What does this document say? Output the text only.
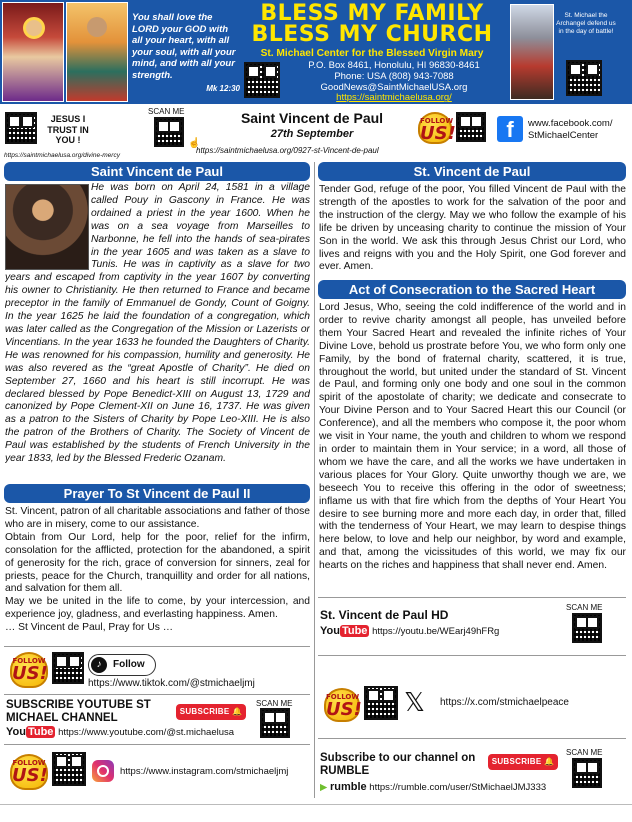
You shall love the LORD your GOD with all your heart, with all your soul, with all your mind, and with all your strength.
Mk 12:30
BLESS MY FAMILY
BLESS MY CHURCH
St. Michael Center for the Blessed Virgin Mary
P.O. Box 8461, Honolulu, HI 96830-8461
Phone: USA (808) 943-7088
GoodNews@SaintMichaelUSA.org
https://saintmichaelusa.org/
St. Michael the Archangel defend us in the day of battle!
JESUS I TRUST IN YOU !
https://saintmichaelusa.org/divine-mercy
SCAN ME
☝
Saint Vincent de Paul
27th September
https://saintmichaelusa.org/0927-st-Vincent-de-paul
FOLLOW
US!	f	www.facebook.com/
StMichaelCenter
Saint Vincent de Paul
He was born on April 24, 1581 in a village called Pouy in Gascony in France. He was ordained a priest in the year 1600. When he was on a sea voyage from Marseilles to Narbonne, he fell into the hands of sea-pirates in the year 1605 and was taken as a slave to Tunis. He was in captivity as a slave for two years and escaped from captivity in the year 1607 by converting his owner to Christianity. He then returned to France and became preceptor in the family of Emmanuel de Gondy, Count of Goigny. In the year 1625 he laid the foundation of a congregation, which was later called as the Congregation of the Mission or Lazerists or Vincentians. In the year 1633 he founded the Daughters of Charity. He was renowned for his compassion, humility and generosity. He was also revered as the “great Apostle of Charity”. He died on September 27, 1660 and his heart is still incorrupt. He was declared blessed by Pope Benedict-XIII on August 13, 1729 and canonized by Pope Clement-XII on June 16, 1737. He was given as a patron to the Sisters of Charity by Pope Leo-XIII. He is also the patron of the Brothers of Charity. The Society of Vincent de Paul was established by the students of French University in the year 1833, led by the Blessed Frederic Ozanam.
Prayer To St Vincent de Paul II
St. Vincent, patron of all charitable associations and father of those who are in misery, come to our assistance.
Obtain from Our Lord, help for the poor, relief for the infirm, consolation for the afflicted, protection for the abandoned, a spirit of generosity for the rich, grace of conversion for sinners, zeal for priests, peace for the Church, tranquillity and order for all nations, and salvation for them all.
May we be united in the life to come, by your intercession, and experience joy, gladness, and everlasting happiness. Amen.
… St Vincent de Paul, Pray for Us …
FOLLOW
US!	♪	Follow
https://www.tiktok.com/@stmichaeljmj
SUBSCRIBE YOUTUBE ST MICHAEL CHANNEL
SUBSCRIBE 🔔
SCAN ME
You Tube https://www.youtube.com/@st.michaelusa
FOLLOW
US!	https://www.instagram.com/stmichaeljmj
St. Vincent de Paul
Tender God, refuge of the poor, You filled Vincent de Paul with the strength of the apostles to work for the salvation of the poor and the instruction of the clergy. May we who follow the example of his life be driven by unceasing charity to continue the mission of Your Son in the world. We ask this through Jesus Christ our Lord, who lives and reigns with you and the Holy Spirit, one God forever and ever. Amen.
Act of Consecration to the Sacred Heart
Lord Jesus, Who, seeing the cold indifference of the world and in order to revive charity amongst all people, has unveiled before them Your Sacred Heart and revealed the infinite riches of Your Divine Love, behold us prostrate before You, we who form only one Family, by the bond of fraternal charity, scattered, it is true, throughout the world, but united under the standard of St. Vincent de Paul, and forming only one body and one soul in the common spirit of the apostolate of charity; we dedicate and consecrate to Your Divine Person and to Your Sacred Heart this our Council (or Conference), and all the members who compose it, the poor whom we visit in Your name, the youth and children to whom we respond in order to maintain them in Your service; in a word, all those of whom we have the care, and all the works we have undertaken in various places for Your Glory. Quite unworthy though we are, we beseech You to receive this offering in the odor of sweetness; inflame us with that fire which from the depths of Your Heart You desire to see burning more and more each day, in order that, filled with the tenderness of Your Heart, we may learn to despise things here below, to love and help our neighbor, by word and example, and that, among the vicissitudes of this world, we may fix our hearts on the riches and happiness that shall never end. Amen.
St. Vincent de Paul HD
You Tube https://youtu.be/WEarj49hFRg
SCAN ME
FOLLOW
US! 𝕏 https://x.com/stmichaelpeace
Subscribe to our channel on RUMBLE
SUBSCRIBE 🔔
SCAN ME
▶ rumble https://rumble.com/user/StMichaelJMJ333
